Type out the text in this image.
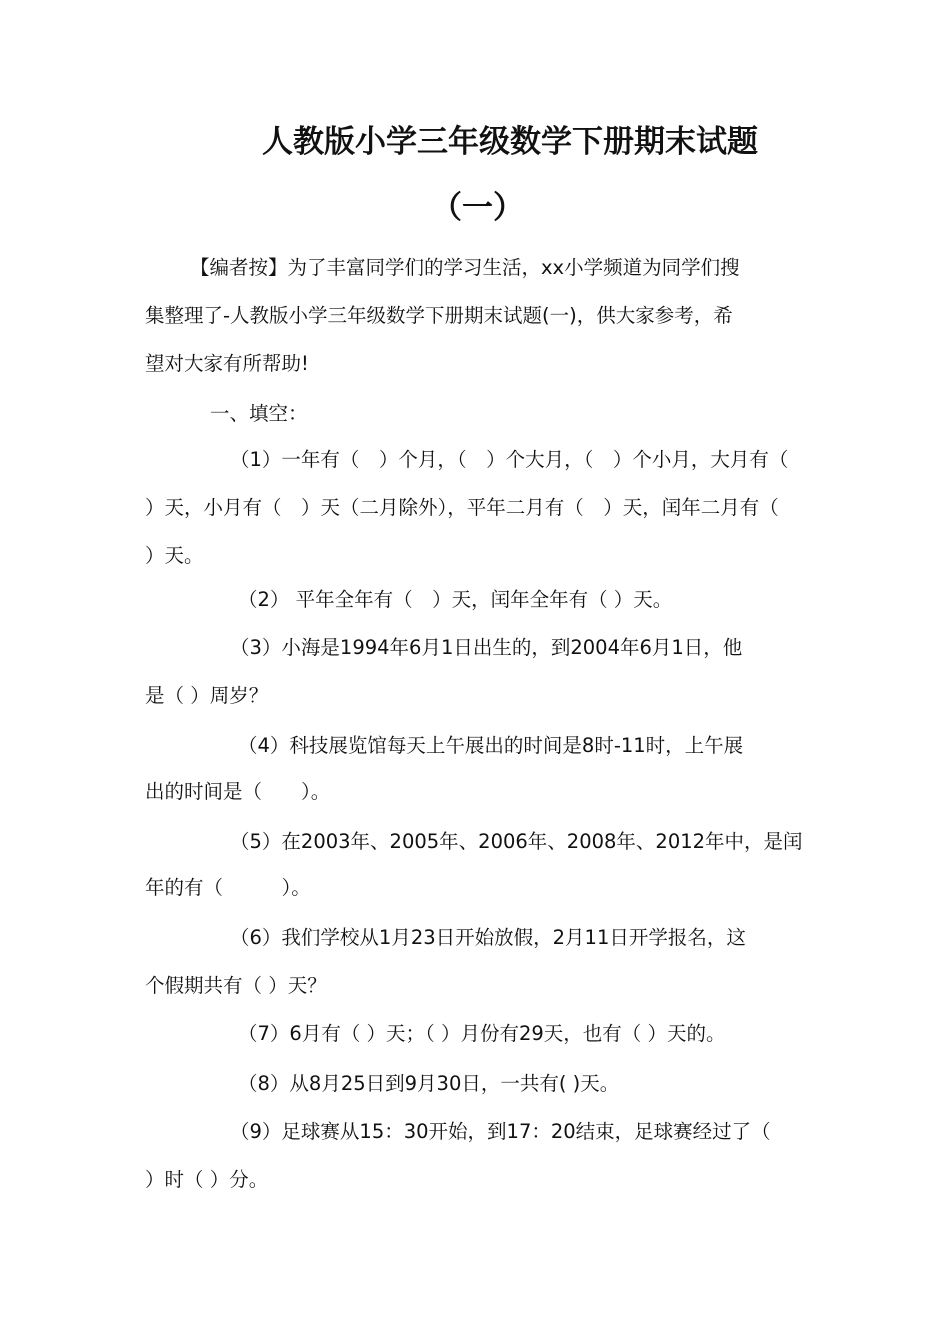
人教版小学三年级数学下册期末试题
（一）
【编者按】为了丰富同学们的学习生活，xx小学频道为同学们搜
集整理了-人教版小学三年级数学下册期末试题(一)，供大家参考，希
望对大家有所帮助!
一、填空：
（1）一年有（　）个月，（　）个大月，（　）个小月，大月有（
）天，小月有（　）天（二月除外），平年二月有（　）天，闰年二月有（
）天。
（2） 平年全年有（　）天，闰年全年有（ ）天。
（3）小海是1994年6月1日出生的，到2004年6月1日，他
是（ ）周岁？
（4）科技展览馆每天上午展出的时间是8时-11时，上午展
出的时间是（　　）。
（5）在2003年、2005年、2006年、2008年、2012年中，是闰
年的有（　　　）。
（6）我们学校从1月23日开始放假，2月11日开学报名，这
个假期共有（ ）天？
（7）6月有（ ）天；（ ）月份有29天，也有（ ）天的。
（8）从8月25日到9月30日，一共有( )天。
（9）足球赛从15：30开始，到17：20结束，足球赛经过了（
）时（ ）分。
